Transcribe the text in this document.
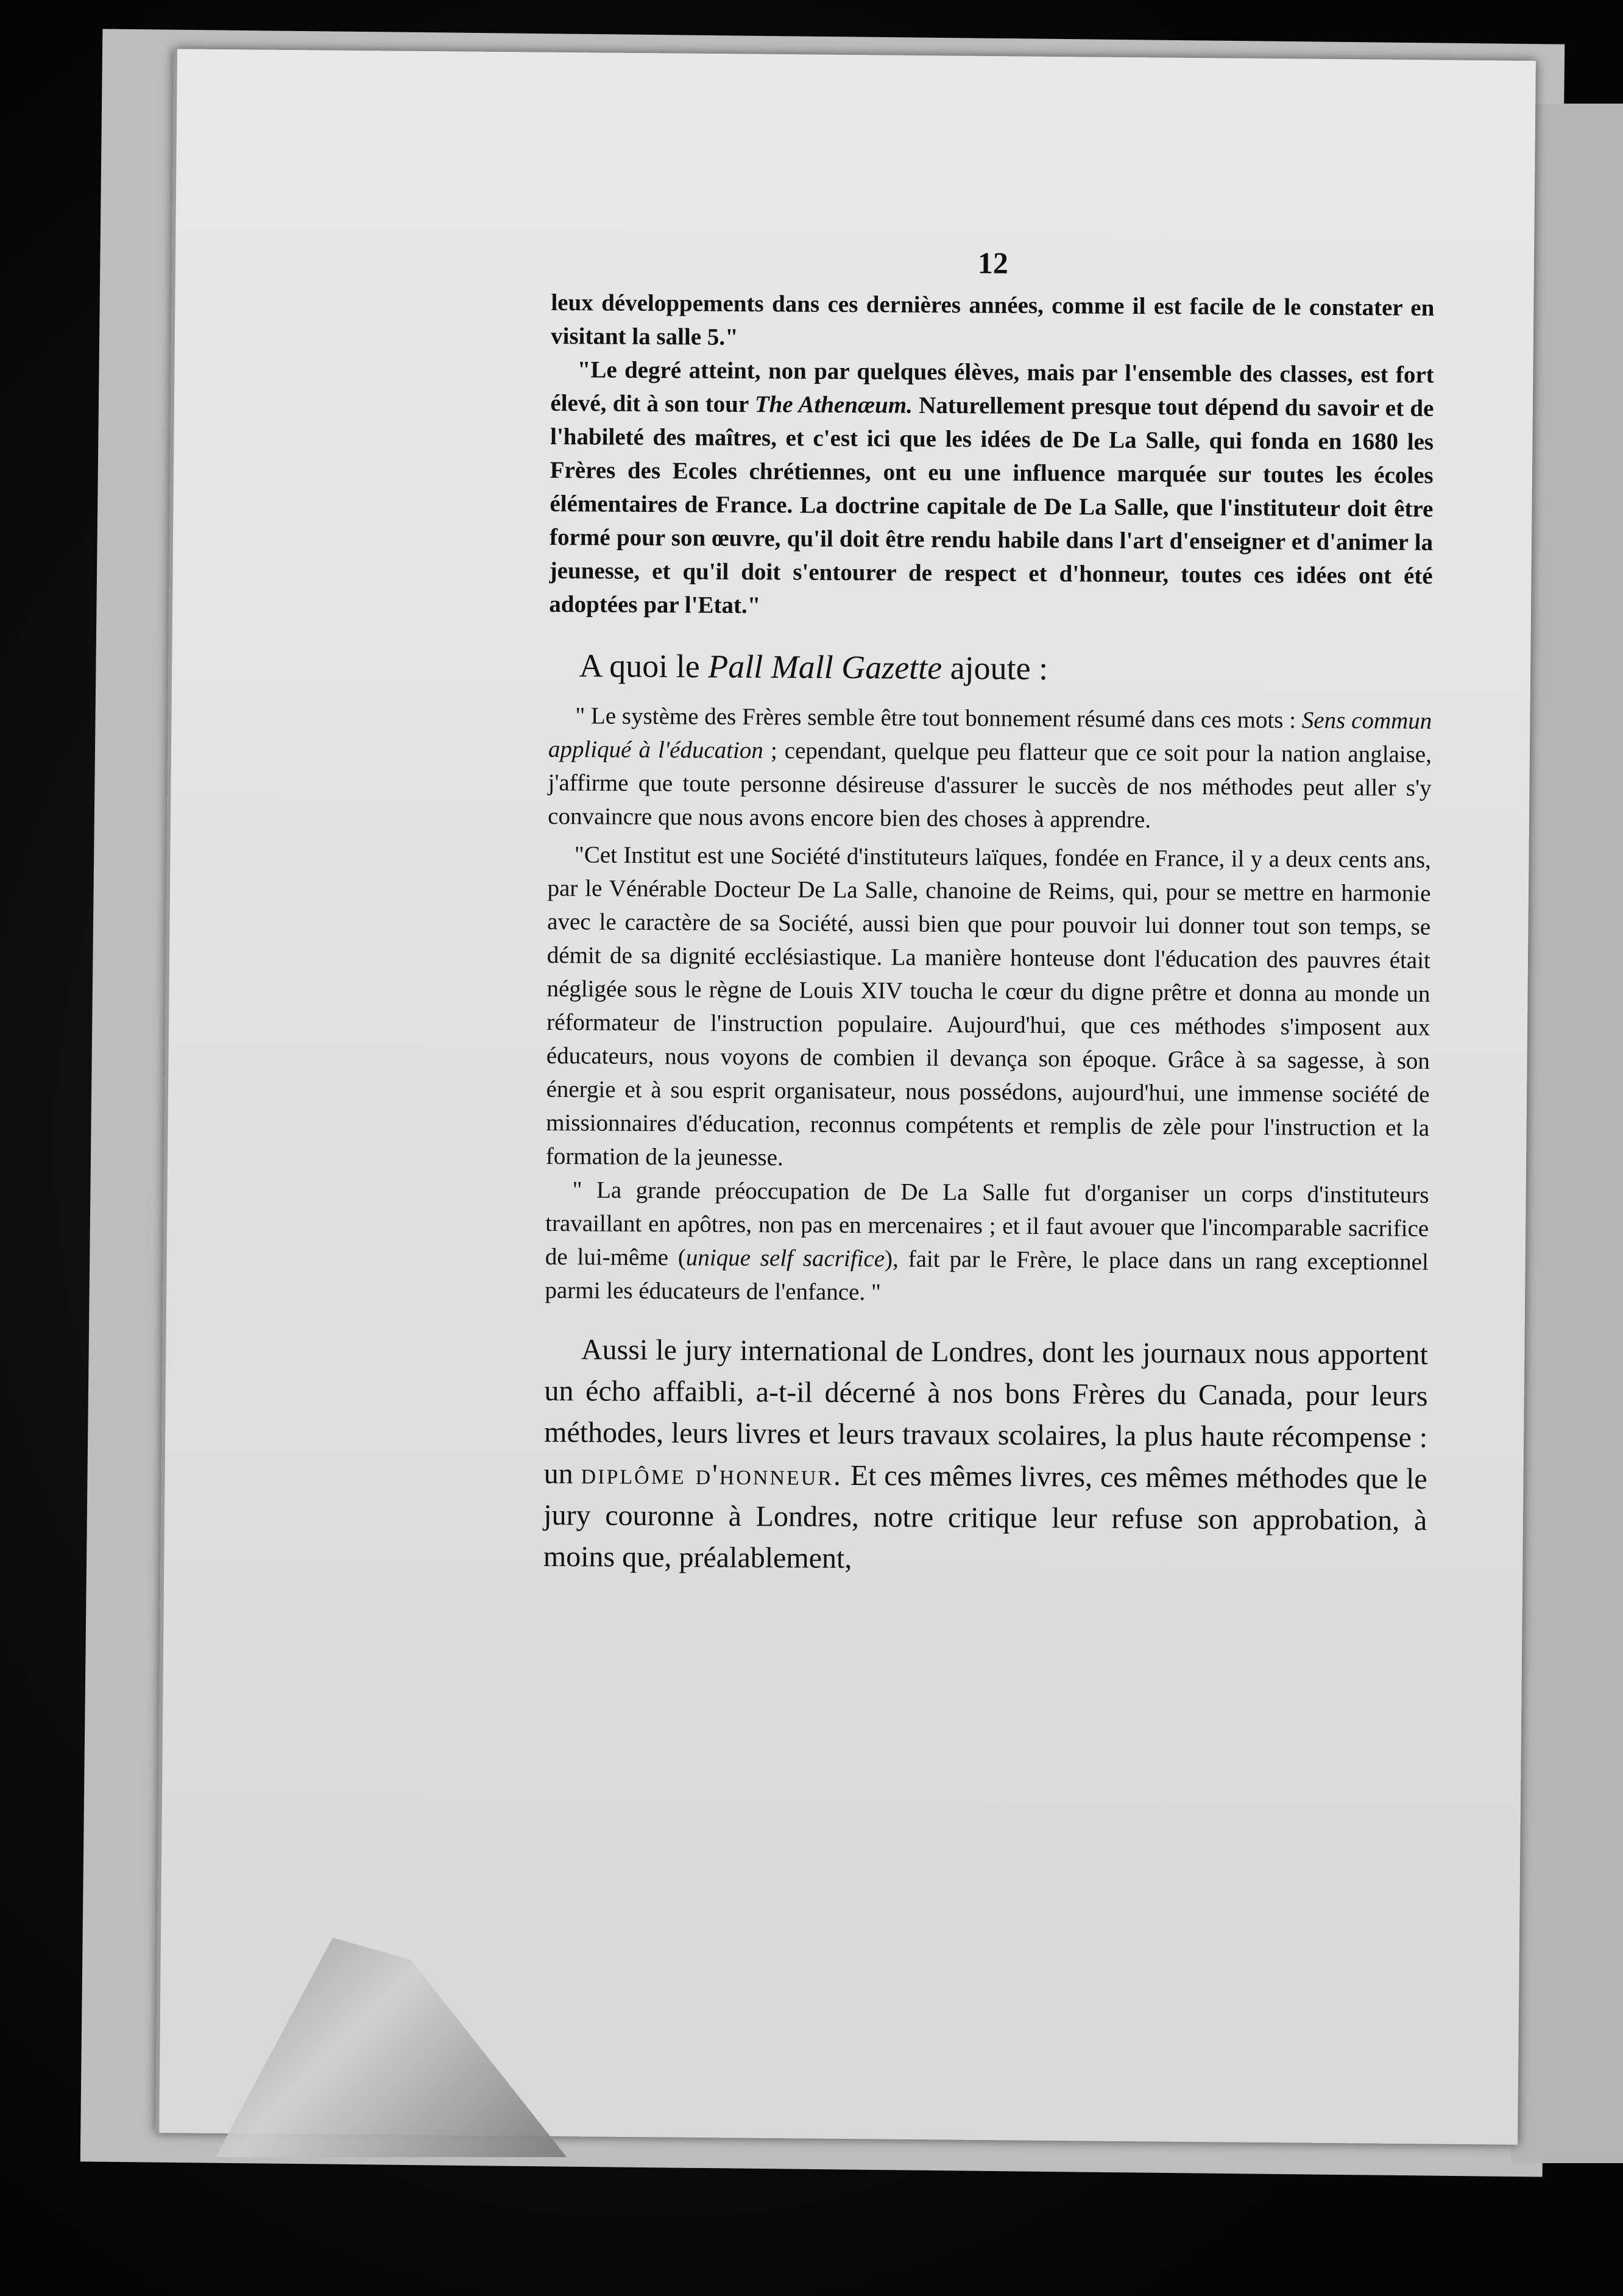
12

leux développements dans ces dernières années, comme il est facile de le constater en visitant la salle 5."

"Le degré atteint, non par quelques élèves, mais par l'ensemble des classes, est fort élevé, dit à son tour The Athenæum. Naturellement presque tout dépend du savoir et de l'habileté des maîtres, et c'est ici que les idées de De La Salle, qui fonda en 1680 les Frères des Ecoles chrétiennes, ont eu une influence marquée sur toutes les écoles élémentaires de France. La doctrine capitale de De La Salle, que l'instituteur doit être formé pour son œuvre, qu'il doit être rendu habile dans l'art d'enseigner et d'animer la jeunesse, et qu'il doit s'entourer de respect et d'honneur, toutes ces idées ont été adoptées par l'Etat."

A quoi le Pall Mall Gazette ajoute :

" Le système des Frères semble être tout bonnement résumé dans ces mots : Sens commun appliqué à l'éducation ; cependant, quelque peu flatteur que ce soit pour la nation anglaise, j'affirme que toute personne désireuse d'assurer le succès de nos méthodes peut aller s'y convaincre que nous avons encore bien des choses à apprendre.

"Cet Institut est une Société d'instituteurs laïques, fondée en France, il y a deux cents ans, par le Vénérable Docteur De La Salle, chanoine de Reims, qui, pour se mettre en harmonie avec le caractère de sa Société, aussi bien que pour pouvoir lui donner tout son temps, se démit de sa dignité ecclésiastique. La manière honteuse dont l'éducation des pauvres était négligée sous le règne de Louis XIV toucha le cœur du digne prêtre et donna au monde un réformateur de l'instruction populaire. Aujourd'hui, que ces méthodes s'imposent aux éducateurs, nous voyons de combien il devança son époque. Grâce à sa sagesse, à son énergie et à sou esprit organisateur, nous possédons, aujourd'hui, une immense société de missionnaires d'éducation, reconnus compétents et remplis de zèle pour l'instruction et la formation de la jeunesse.

" La grande préoccupation de De La Salle fut d'organiser un corps d'instituteurs travaillant en apôtres, non pas en mercenaires ; et il faut avouer que l'incomparable sacrifice de lui-même (unique self sacrifice), fait par le Frère, le place dans un rang exceptionnel parmi les éducateurs de l'enfance. "

Aussi le jury international de Londres, dont les journaux nous apportent un écho affaibli, a-t-il décerné à nos bons Frères du Canada, pour leurs méthodes, leurs livres et leurs travaux scolaires, la plus haute récompense : un diplôme d'honneur. Et ces mêmes livres, ces mêmes méthodes que le jury couronne à Londres, notre critique leur refuse son approbation, à moins que, préalablement,
